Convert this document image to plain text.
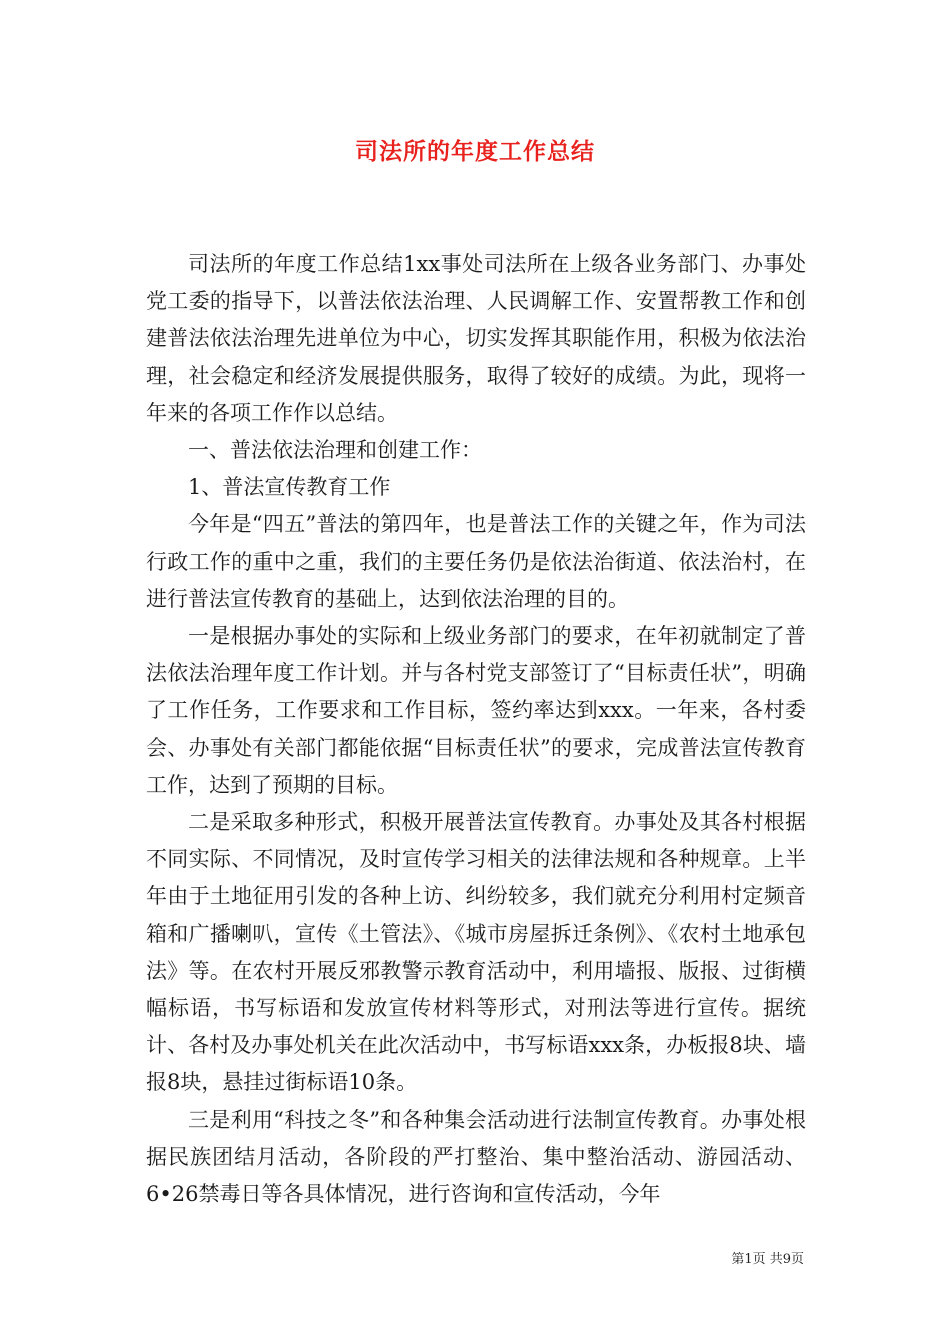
司法所的年度工作总结

司法所的年度工作总结1xx事处司法所在上级各业务部门、办事处党工委的指导下，以普法依法治理、人民调解工作、安置帮教工作和创建普法依法治理先进单位为中心，切实发挥其职能作用，积极为依法治理，社会稳定和经济发展提供服务，取得了较好的成绩。为此，现将一年来的各项工作作以总结。

一、普法依法治理和创建工作：

1、普法宣传教育工作

今年是“四五”普法的第四年，也是普法工作的关键之年，作为司法行政工作的重中之重，我们的主要任务仍是依法治街道、依法治村，在进行普法宣传教育的基础上，达到依法治理的目的。

一是根据办事处的实际和上级业务部门的要求，在年初就制定了普法依法治理年度工作计划。并与各村党支部签订了“目标责任状”，明确了工作任务，工作要求和工作目标，签约率达到xxx。一年来，各村委会、办事处有关部门都能依据“目标责任状”的要求，完成普法宣传教育工作，达到了预期的目标。

二是采取多种形式，积极开展普法宣传教育。办事处及其各村根据不同实际、不同情况，及时宣传学习相关的法律法规和各种规章。上半年由于土地征用引发的各种上访、纠纷较多，我们就充分利用村定频音箱和广播喇叭，宣传《土管法》、《城市房屋拆迁条例》、《农村土地承包法》等。在农村开展反邪教警示教育活动中，利用墙报、版报、过街横幅标语，书写标语和发放宣传材料等形式，对刑法等进行宣传。据统计、各村及办事处机关在此次活动中，书写标语xxx条，办板报8块、墙报8块，悬挂过街标语10条。

三是利用“科技之冬”和各种集会活动进行法制宣传教育。办事处根据民族团结月活动，各阶段的严打整治、集中整治活动、游园活动、6•26禁毒日等各具体情况，进行咨询和宣传活动，今年

第1页 共9页
